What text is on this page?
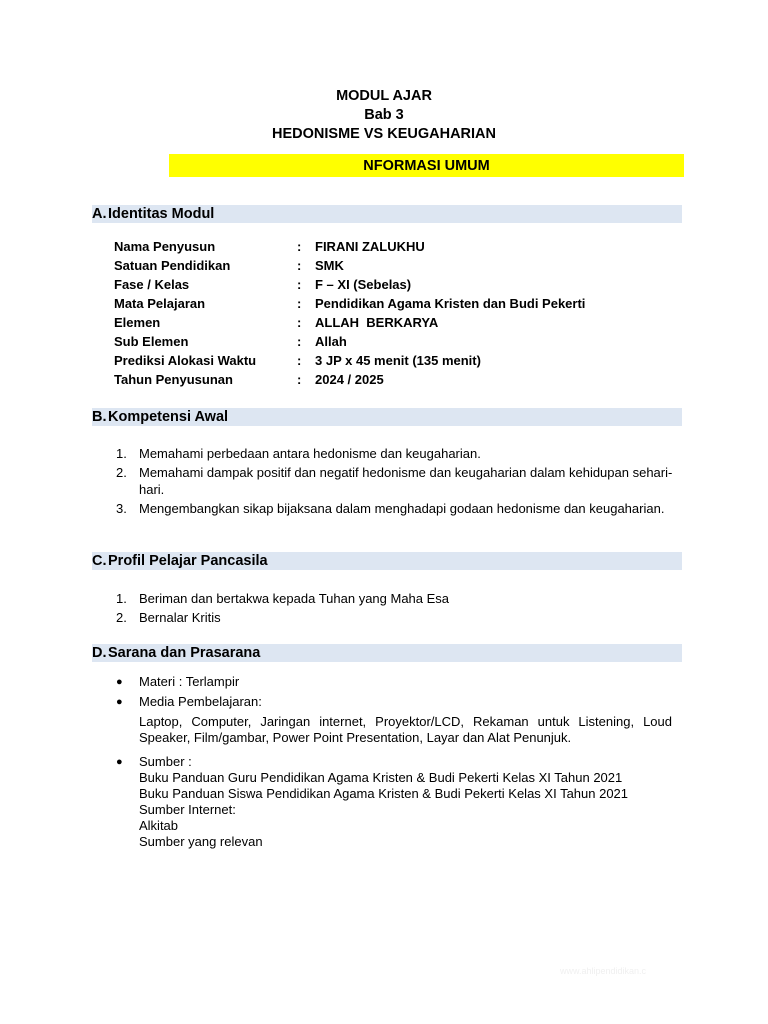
MODUL AJAR
Bab 3
HEDONISME VS KEUGAHARIAN
NFORMASI UMUM
A. Identitas Modul
Nama Penyusun	:	FIRANI ZALUKHU
Satuan Pendidikan	:	SMK
Fase / Kelas	:	F – XI (Sebelas)
Mata Pelajaran	:	Pendidikan Agama Kristen dan Budi Pekerti
Elemen	:	ALLAH  BERKARYA
Sub Elemen	:	Allah
Prediksi Alokasi Waktu	:	3 JP x 45 menit (135 menit)
Tahun Penyusunan	:	2024 / 2025
B. Kompetensi Awal
1. Memahami perbedaan antara hedonisme dan keugaharian.
2. Memahami dampak positif dan negatif hedonisme dan keugaharian dalam kehidupan sehari-hari.
3. Mengembangkan sikap bijaksana dalam menghadapi godaan hedonisme dan keugaharian.
C. Profil Pelajar Pancasila
1. Beriman dan bertakwa kepada Tuhan yang Maha Esa
2. Bernalar Kritis
D. Sarana dan Prasarana
●	Materi : Terlampir
●	Media Pembelajaran:
Laptop, Computer, Jaringan internet, Proyektor/LCD, Rekaman untuk Listening, Loud Speaker, Film/gambar, Power Point Presentation, Layar dan Alat Penunjuk.
●	Sumber :
Buku Panduan Guru Pendidikan Agama Kristen & Budi Pekerti Kelas XI Tahun 2021
Buku Panduan Siswa Pendidikan Agama Kristen & Budi Pekerti Kelas XI Tahun 2021
Sumber Internet:
Alkitab
Sumber yang relevan
www.ahlipendidikan.c
